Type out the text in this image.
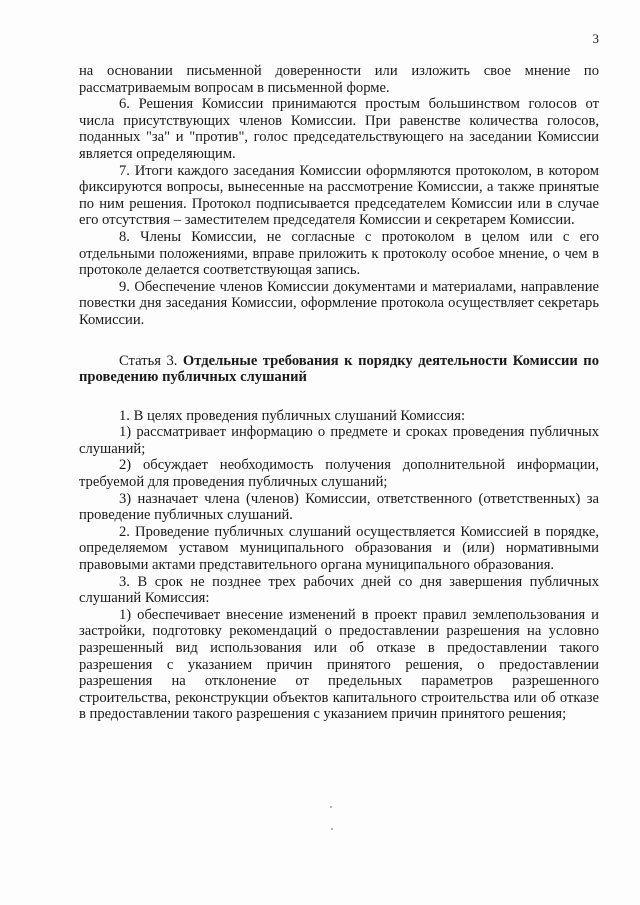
3

на основании письменной доверенности или изложить свое мнение по рассматриваемым вопросам в письменной форме.

6. Решения Комиссии принимаются простым большинством голосов от числа присутствующих членов Комиссии. При равенстве количества голосов, поданных "за" и "против", голос председательствующего на заседании Комиссии является определяющим.

7. Итоги каждого заседания Комиссии оформляются протоколом, в котором фиксируются вопросы, вынесенные на рассмотрение Комиссии, а также принятые по ним решения. Протокол подписывается председателем Комиссии или в случае его отсутствия – заместителем председателя Комиссии и секретарем Комиссии.

8. Члены Комиссии, не согласные с протоколом в целом или с его отдельными положениями, вправе приложить к протоколу особое мнение, о чем в протоколе делается соответствующая запись.

9. Обеспечение членов Комиссии документами и материалами, направление повестки дня заседания Комиссии, оформление протокола осуществляет секретарь Комиссии.

Статья 3. Отдельные требования к порядку деятельности Комиссии по проведению публичных слушаний

1. В целях проведения публичных слушаний Комиссия:

1) рассматривает информацию о предмете и сроках проведения публичных слушаний;

2) обсуждает необходимость получения дополнительной информации, требуемой для проведения публичных слушаний;

3) назначает члена (членов) Комиссии, ответственного (ответственных) за проведение публичных слушаний.

2. Проведение публичных слушаний осуществляется Комиссией в порядке, определяемом уставом муниципального образования и (или) нормативными правовыми актами представительного органа муниципального образования.

3. В срок не позднее трех рабочих дней со дня завершения публичных слушаний Комиссия:

1) обеспечивает внесение изменений в проект правил землепользования и застройки, подготовку рекомендаций о предоставлении разрешения на условно разрешенный вид использования или об отказе в предоставлении такого разрешения с указанием причин принятого решения, о предоставлении разрешения на отклонение от предельных параметров разрешенного строительства, реконструкции объектов капитального строительства или об отказе в предоставлении такого разрешения с указанием причин принятого решения;
